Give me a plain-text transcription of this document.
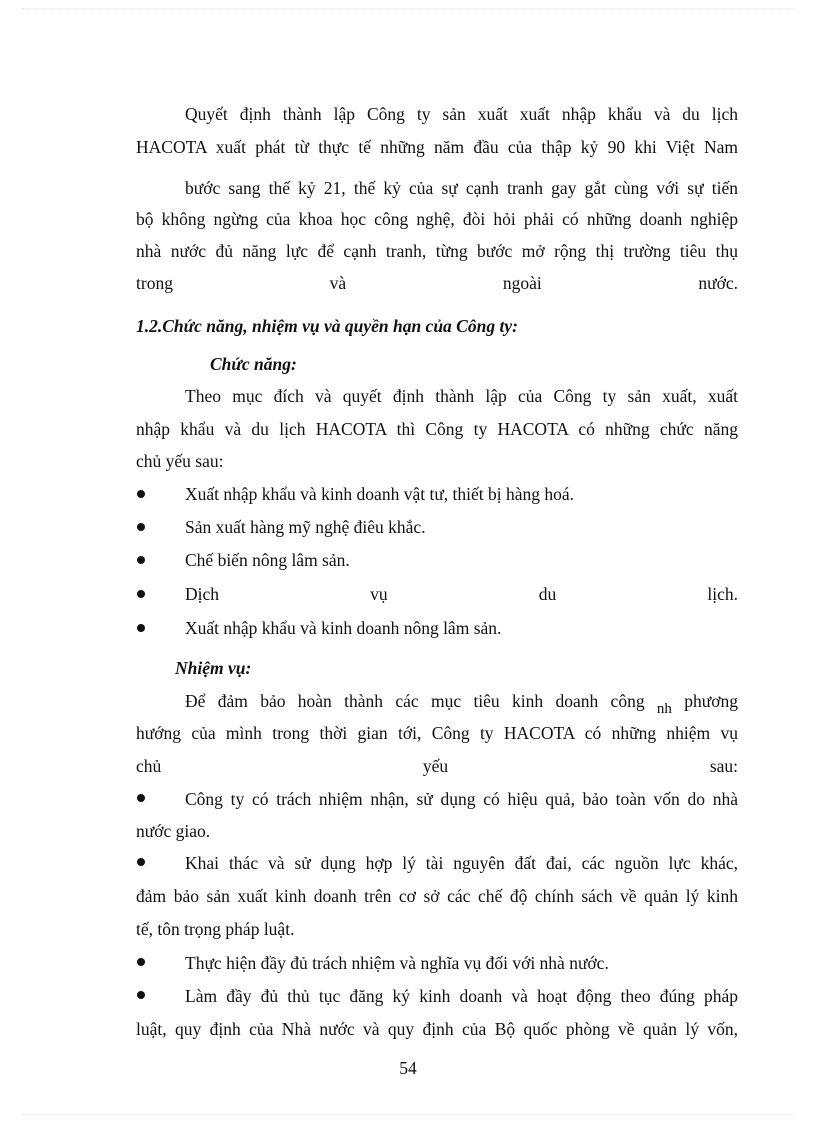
Quyết định thành lập Công ty sản xuất xuất nhập khẩu và du lịch
HACOTA xuất phát từ thực tế những năm đầu của thập kỷ 90 khi Việt Nam
bước sang thế kỷ 21, thế kỷ của sự cạnh tranh gay gắt cùng với sự tiến
bộ không ngừng của khoa học công nghệ, đòi hỏi phải có những doanh nghiệp
nhà nước đủ năng lực để cạnh tranh, từng bước mở rộng thị trường tiêu thụ
trong	và	ngoài	nước.
1.2.Chức năng, nhiệm vụ và quyền hạn của Công ty:
Chức năng:
Theo mục đích và quyết định thành lập của Công ty sản xuất, xuất
nhập khẩu và du lịch HACOTA thì Công ty HACOTA có những chức năng
chủ yếu sau:
Xuất nhập khẩu và kinh doanh vật tư, thiết bị hàng hoá.
Sản xuất hàng mỹ nghệ điêu khắc.
Chế biến nông lâm sản.
Dịch	vụ	du	lịch.
Xuất nhập khẩu và kinh doanh nông lâm sản.
Nhiệm vụ:
Để đảm bảo hoàn thành các mục tiêu kinh doanh công nh phương
hướng của mình trong thời gian tới, Công ty HACOTA có những nhiệm vụ
chủ	yếu	sau:
Công ty có trách nhiệm nhận, sử dụng có hiệu quả, bảo toàn vốn do nhà
nước giao.
Khai thác và sử dụng hợp lý tài nguyên đất đai, các nguồn lực khác,
đảm bảo sản xuất kinh doanh trên cơ sở các chế độ chính sách về quản lý kinh
tế, tôn trọng pháp luật.
Thực hiện đầy đủ trách nhiệm và nghĩa vụ đối với nhà nước.
Làm đầy đủ thủ tục đăng ký kinh doanh và hoạt động theo đúng pháp
luật, quy định của Nhà nước và quy định của Bộ quốc phòng về quản lý vốn,
54
